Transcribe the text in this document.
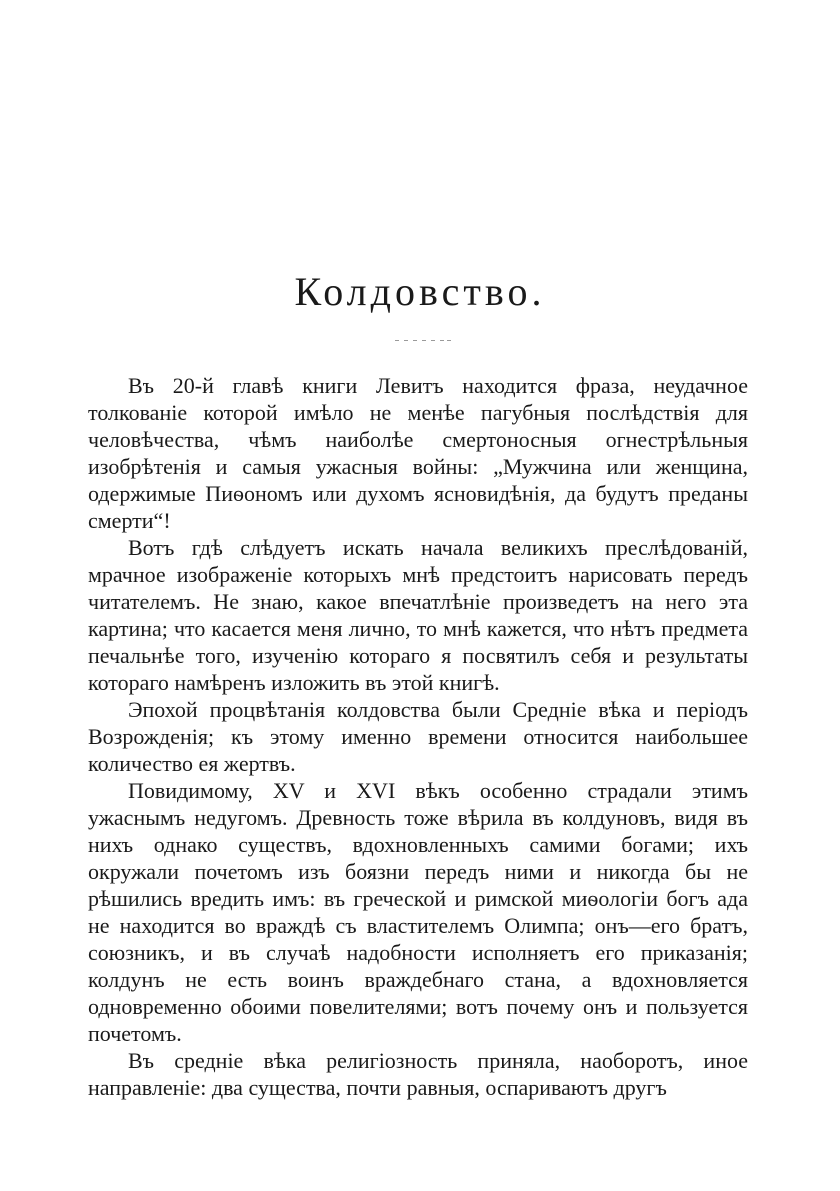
Колдовство.

Въ 20-й главѣ книги Левитъ находится фраза, неудачное толкованіе которой имѣло не менѣе пагубныя послѣдствія для человѣчества, чѣмъ наиболѣе смертоносныя огнестрѣльныя изобрѣтенія и самыя ужасныя войны: „Мужчина или женщина, одержимые Пиѳономъ или духомъ ясновидѣнія, да будутъ преданы смерти“!

Вотъ гдѣ слѣдуетъ искать начала великихъ преслѣдованій, мрачное изображеніе которыхъ мнѣ предстоитъ нарисовать передъ читателемъ. Не знаю, какое впечатлѣніе произведетъ на него эта картина; что касается меня лично, то мнѣ кажется, что нѣтъ предмета печальнѣе того, изученію котораго я посвятилъ себя и результаты котораго намѣренъ изложить въ этой книгѣ.

Эпохой процвѣтанія колдовства были Средніе вѣка и періодъ Возрожденія; къ этому именно времени относится наибольшее количество ея жертвъ.

Повидимому, XV и XVI вѣкъ особенно страдали этимъ ужаснымъ недугомъ. Древность тоже вѣрила въ колдуновъ, видя въ нихъ однако существъ, вдохновленныхъ самими богами; ихъ окружали почетомъ изъ боязни передъ ними и никогда бы не рѣшились вредить имъ: въ греческой и римской миѳологіи богъ ада не находится во враждѣ съ властителемъ Олимпа; онъ—его братъ, союзникъ, и въ случаѣ надобности исполняетъ его приказанія; колдунъ не есть воинъ враждебнаго стана, а вдохновляется одновременно обоими повелителями; вотъ почему онъ и пользуется почетомъ.

Въ средніе вѣка религіозность приняла, наоборотъ, иное направленіе: два существа, почти равныя, оспариваютъ другъ
